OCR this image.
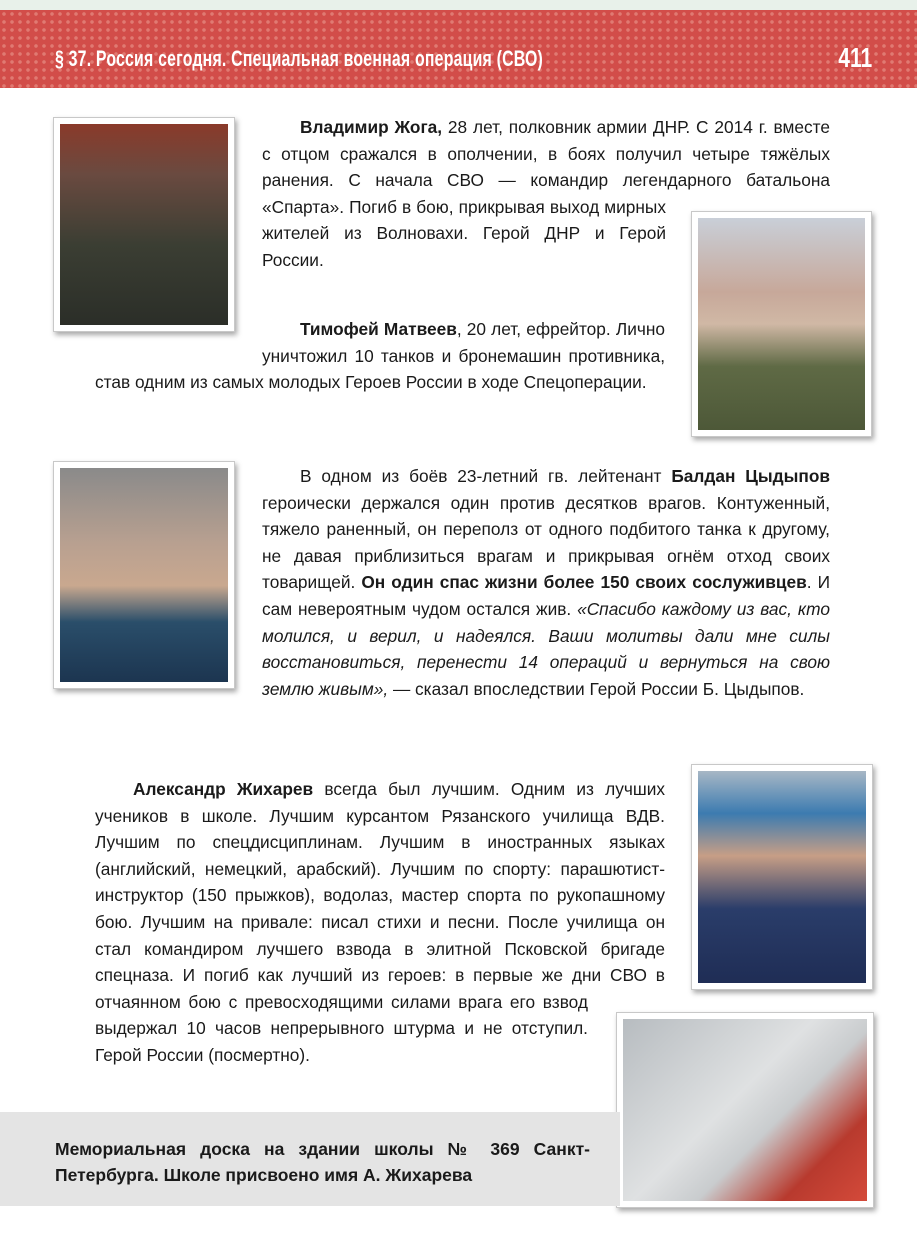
§ 37. Россия сегодня. Специальная военная операция (СВО)	411
Владимир Жога, 28 лет, полковник армии ДНР. С 2014 г. вместе с отцом сражался в ополчении, в боях получил четыре тяжёлых ранения. С начала СВО — командир легендарного батальона «Спарта». Погиб в бою, прикрывая выход мирных жителей из Волновахи. Герой ДНР и Герой России.
Тимофей Матвеев, 20 лет, ефрейтор. Лично уничтожил 10 танков и бронемашин противника, став одним из самых молодых Героев России в ходе Спецоперации.
В одном из боёв 23-летний гв. лейтенант Балдан Цыдыпов героически держался один против десятков врагов. Контуженный, тяжело раненный, он переполз от одного подбитого танка к другому, не давая приблизиться врагам и прикрывая огнём отход своих товарищей. Он один спас жизни более 150 своих сослуживцев. И сам невероятным чудом остался жив. «Спасибо каждому из вас, кто молился, и верил, и надеялся. Ваши молитвы дали мне силы восстановиться, перенести 14 операций и вернуться на свою землю живым», — сказал впоследствии Герой России Б. Цыдыпов.
Александр Жихарев всегда был лучшим. Одним из лучших учеников в школе. Лучшим курсантом Рязанского училища ВДВ. Лучшим по спецдисциплинам. Лучшим в иностранных языках (английский, немецкий, арабский). Лучшим по спорту: парашютист-инструктор (150 прыжков), водолаз, мастер спорта по рукопашному бою. Лучшим на привале: писал стихи и песни. После училища он стал командиром лучшего взвода в элитной Псковской бригаде спецназа. И погиб как лучший из героев: в первые же дни СВО в отчаянном бою с превосходящими силами врага его взвод выдержал 10 часов непрерывного штурма и не отступил. Герой России (посмертно).
Мемориальная доска на здании школы № 369 Санкт-Петербурга. Школе присвоено имя А. Жихарева
